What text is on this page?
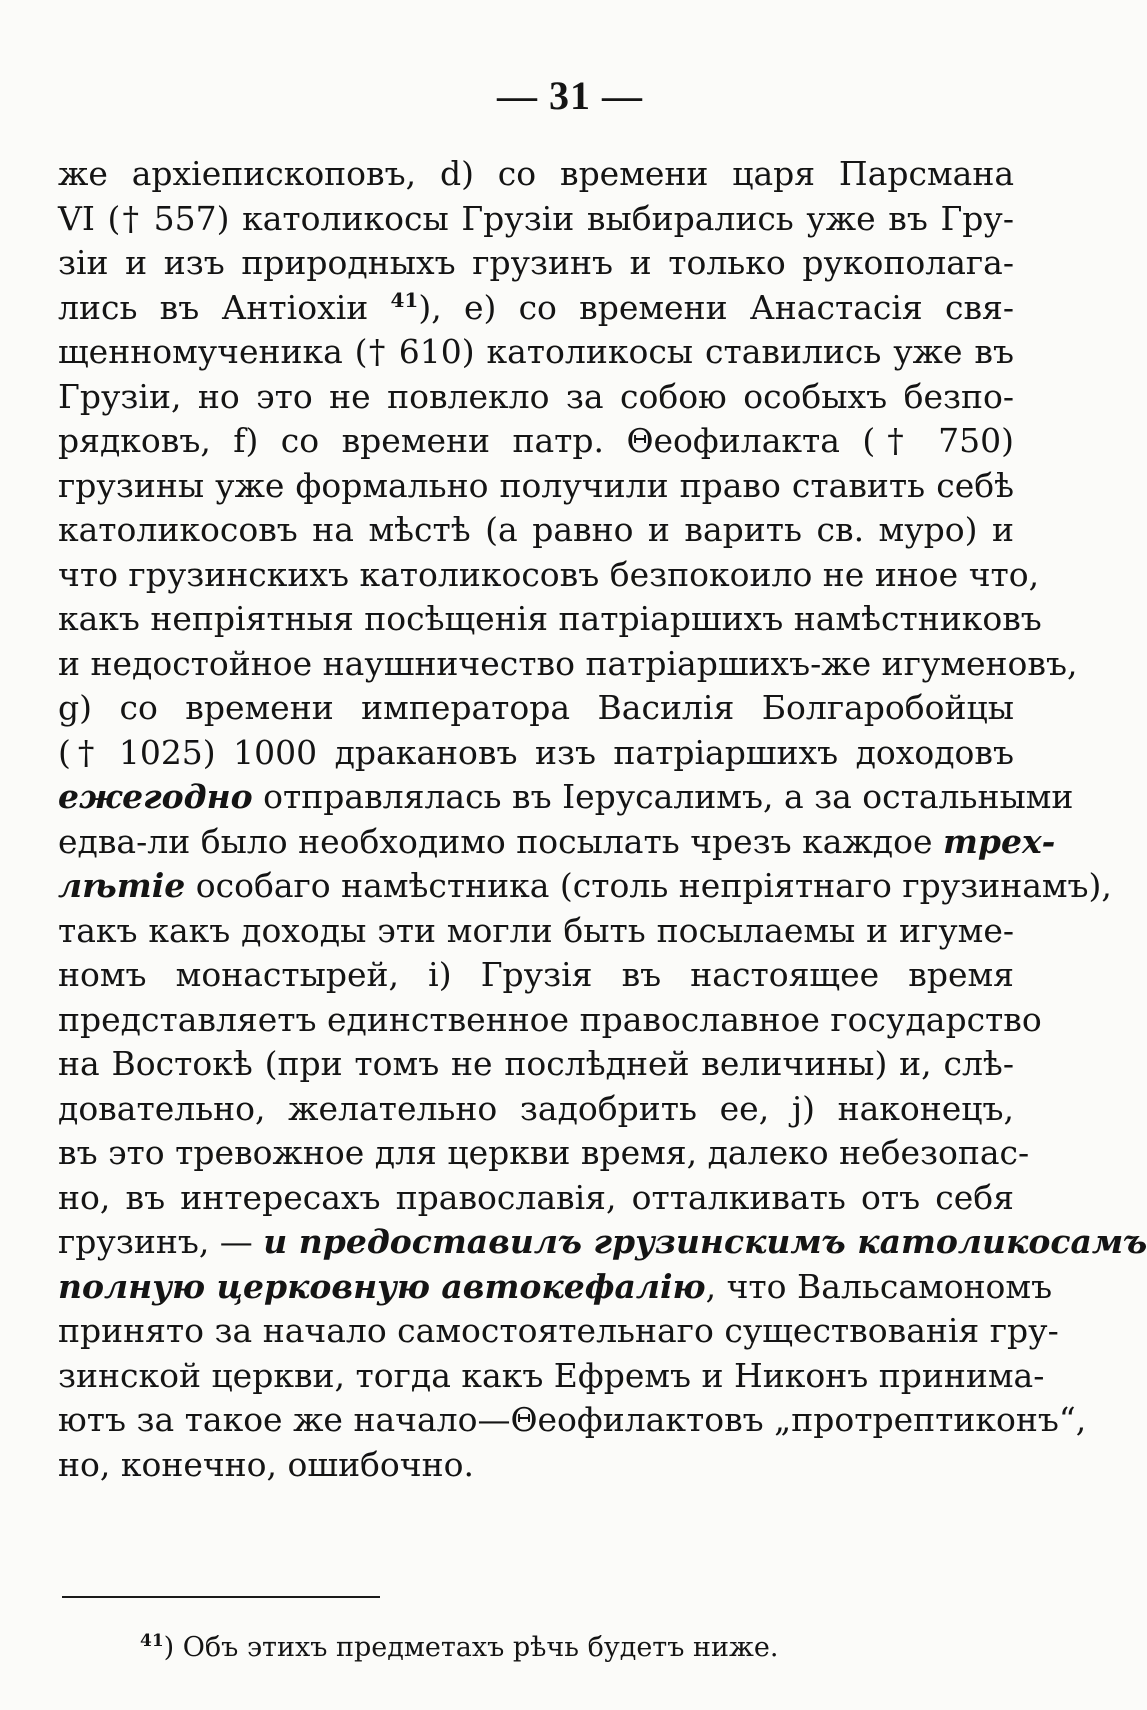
— 31 —
же архіепископовъ, d) со времени царя Парсмана
VI († 557) католикосы Грузіи выбирались уже въ Гру-
зіи и изъ природныхъ грузинъ и только рукополага-
лись въ Антіохіи $^{41}$), е) со времени Анастасія свя-
щенномученика († 610) католикосы ставились уже въ
Грузіи, но это не повлекло за собою особыхъ безпо-
рядковъ, f) со времени патр. Θеофилакта († 750)
грузины уже формально получили право ставить себѣ
католикосовъ на мѣстѣ (а равно и варить св. муро) и
что грузинскихъ католикосовъ безпокоило не иное что,
какъ непріятныя посѣщенія патріаршихъ намѣстниковъ
и недостойное наушничество патріаршихъ-же игуменовъ,
g) со времени императора Василія Болгаробойцы
(† 1025) 1000 дракановъ изъ патріаршихъ доходовъ
ежегодно отправлялась въ Іерусалимъ, а за остальными
едва-ли было необходимо посылать чрезъ каждое трех-
лѣтіе особаго намѣстника (столь непріятнаго грузинамъ),
такъ какъ доходы эти могли быть посылаемы и игуме-
номъ монастырей, i) Грузія въ настоящее время
представляетъ единственное православное государство
на Востокѣ (при томъ не послѣдней величины) и, слѣ-
довательно, желательно задобрить ее, j) наконецъ,
въ это тревожное для церкви время, далеко небезопас-
но, въ интересахъ православія, отталкивать отъ себя
грузинъ, — и предоставилъ грузинскимъ католикосамъ
полную церковную автокефалію, что Вальсамономъ
принято за начало самостоятельнаго существованія гру-
зинской церкви, тогда какъ Ефремъ и Никонъ принима-
ютъ за такое же начало—Θеофилактовъ „протрептиконъ“,
но, конечно, ошибочно.
$^{41}$) Объ этихъ предметахъ рѣчь будетъ ниже.
